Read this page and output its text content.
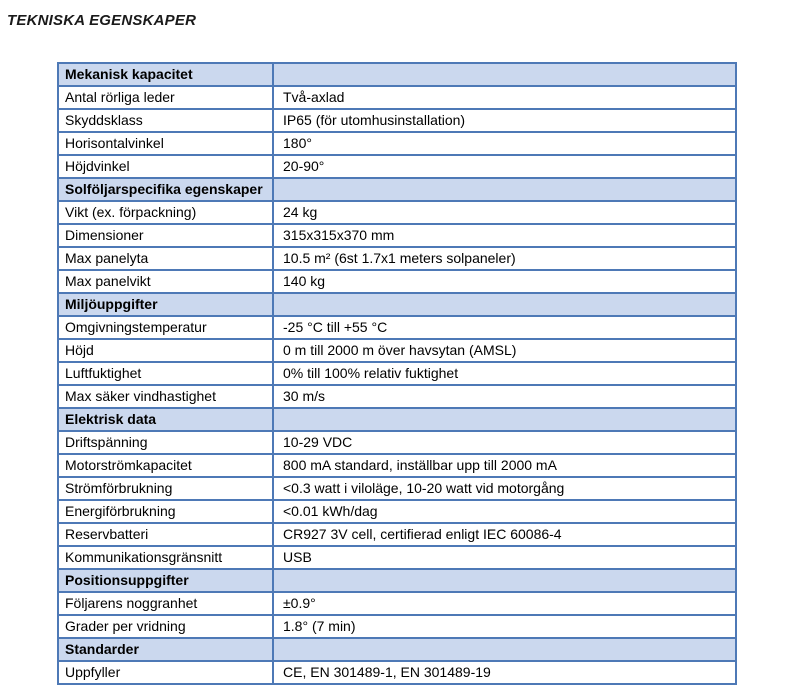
TEKNISKA EGENSKAPER
Mekanisk kapacitet	
Antal rörliga leder	Två-axlad
Skyddsklass	IP65 (för utomhusinstallation)
Horisontalvinkel	180°
Höjdvinkel	20-90°
Solföljarspecifika egenskaper	
Vikt (ex. förpackning)	24 kg
Dimensioner	315x315x370 mm
Max panelyta	10.5 m² (6st 1.7x1 meters solpaneler)
Max panelvikt	140 kg
Miljöuppgifter	
Omgivningstemperatur	-25 °C till +55 °C
Höjd	0 m till 2000 m över havsytan (AMSL)
Luftfuktighet	0% till 100% relativ fuktighet
Max säker vindhastighet	30 m/s
Elektrisk data	
Driftspänning	10-29 VDC
Motorströmkapacitet	800 mA standard, inställbar upp till 2000 mA
Strömförbrukning	<0.3 watt i viloläge, 10-20 watt vid motorgång
Energiförbrukning	<0.01 kWh/dag
Reservbatteri	CR927 3V cell, certifierad enligt IEC 60086-4
Kommunikationsgränsnitt	USB
Positionsuppgifter	
Följarens noggranhet	±0.9°
Grader per vridning	1.8° (7 min)
Standarder	
Uppfyller	CE, EN 301489-1, EN 301489-19
